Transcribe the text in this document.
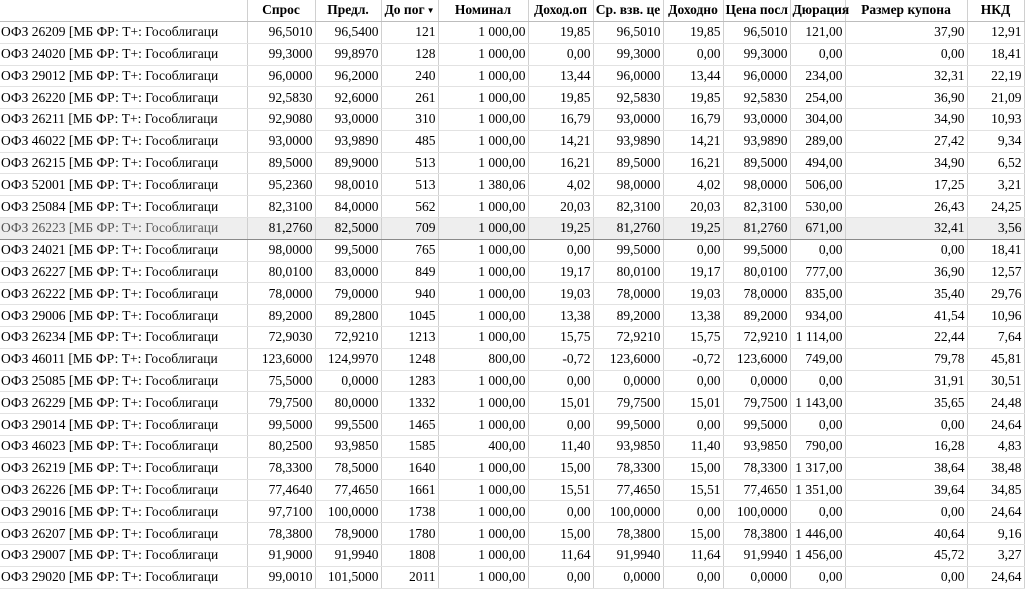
	Спрос	Предл.	До пог ▼	Номинал	Доход.оп	Ср. взв. це	Доходно	Цена посл	Дюрация	Размер купона	НКД
ОФЗ 26209 [МБ ФР: Т+: Гособлигаци	96,5010	96,5400	121	1 000,00	19,85	96,5010	19,85	96,5010	121,00	37,90	12,91
ОФЗ 24020 [МБ ФР: Т+: Гособлигаци	99,3000	99,8970	128	1 000,00	0,00	99,3000	0,00	99,3000	0,00	0,00	18,41
ОФЗ 29012 [МБ ФР: Т+: Гособлигаци	96,0000	96,2000	240	1 000,00	13,44	96,0000	13,44	96,0000	234,00	32,31	22,19
ОФЗ 26220 [МБ ФР: Т+: Гособлигаци	92,5830	92,6000	261	1 000,00	19,85	92,5830	19,85	92,5830	254,00	36,90	21,09
ОФЗ 26211 [МБ ФР: Т+: Гособлигаци	92,9080	93,0000	310	1 000,00	16,79	93,0000	16,79	93,0000	304,00	34,90	10,93
ОФЗ 46022 [МБ ФР: Т+: Гособлигаци	93,0000	93,9890	485	1 000,00	14,21	93,9890	14,21	93,9890	289,00	27,42	9,34
ОФЗ 26215 [МБ ФР: Т+: Гособлигаци	89,5000	89,9000	513	1 000,00	16,21	89,5000	16,21	89,5000	494,00	34,90	6,52
ОФЗ 52001 [МБ ФР: Т+: Гособлигаци	95,2360	98,0010	513	1 380,06	4,02	98,0000	4,02	98,0000	506,00	17,25	3,21
ОФЗ 25084 [МБ ФР: Т+: Гособлигаци	82,3100	84,0000	562	1 000,00	20,03	82,3100	20,03	82,3100	530,00	26,43	24,25
ОФЗ 26223 [МБ ФР: Т+: Гособлигаци	81,2760	82,5000	709	1 000,00	19,25	81,2760	19,25	81,2760	671,00	32,41	3,56
ОФЗ 24021 [МБ ФР: Т+: Гособлигаци	98,0000	99,5000	765	1 000,00	0,00	99,5000	0,00	99,5000	0,00	0,00	18,41
ОФЗ 26227 [МБ ФР: Т+: Гособлигаци	80,0100	83,0000	849	1 000,00	19,17	80,0100	19,17	80,0100	777,00	36,90	12,57
ОФЗ 26222 [МБ ФР: Т+: Гособлигаци	78,0000	79,0000	940	1 000,00	19,03	78,0000	19,03	78,0000	835,00	35,40	29,76
ОФЗ 29006 [МБ ФР: Т+: Гособлигаци	89,2000	89,2800	1045	1 000,00	13,38	89,2000	13,38	89,2000	934,00	41,54	10,96
ОФЗ 26234 [МБ ФР: Т+: Гособлигаци	72,9030	72,9210	1213	1 000,00	15,75	72,9210	15,75	72,9210	1 114,00	22,44	7,64
ОФЗ 46011 [МБ ФР: Т+: Гособлигаци	123,6000	124,9970	1248	800,00	-0,72	123,6000	-0,72	123,6000	749,00	79,78	45,81
ОФЗ 25085 [МБ ФР: Т+: Гособлигаци	75,5000	0,0000	1283	1 000,00	0,00	0,0000	0,00	0,0000	0,00	31,91	30,51
ОФЗ 26229 [МБ ФР: Т+: Гособлигаци	79,7500	80,0000	1332	1 000,00	15,01	79,7500	15,01	79,7500	1 143,00	35,65	24,48
ОФЗ 29014 [МБ ФР: Т+: Гособлигаци	99,5000	99,5500	1465	1 000,00	0,00	99,5000	0,00	99,5000	0,00	0,00	24,64
ОФЗ 46023 [МБ ФР: Т+: Гособлигаци	80,2500	93,9850	1585	400,00	11,40	93,9850	11,40	93,9850	790,00	16,28	4,83
ОФЗ 26219 [МБ ФР: Т+: Гособлигаци	78,3300	78,5000	1640	1 000,00	15,00	78,3300	15,00	78,3300	1 317,00	38,64	38,48
ОФЗ 26226 [МБ ФР: Т+: Гособлигаци	77,4640	77,4650	1661	1 000,00	15,51	77,4650	15,51	77,4650	1 351,00	39,64	34,85
ОФЗ 29016 [МБ ФР: Т+: Гособлигаци	97,7100	100,0000	1738	1 000,00	0,00	100,0000	0,00	100,0000	0,00	0,00	24,64
ОФЗ 26207 [МБ ФР: Т+: Гособлигаци	78,3800	78,9000	1780	1 000,00	15,00	78,3800	15,00	78,3800	1 446,00	40,64	9,16
ОФЗ 29007 [МБ ФР: Т+: Гособлигаци	91,9000	91,9940	1808	1 000,00	11,64	91,9940	11,64	91,9940	1 456,00	45,72	3,27
ОФЗ 29020 [МБ ФР: Т+: Гособлигаци	99,0010	101,5000	2011	1 000,00	0,00	0,0000	0,00	0,0000	0,00	0,00	24,64
